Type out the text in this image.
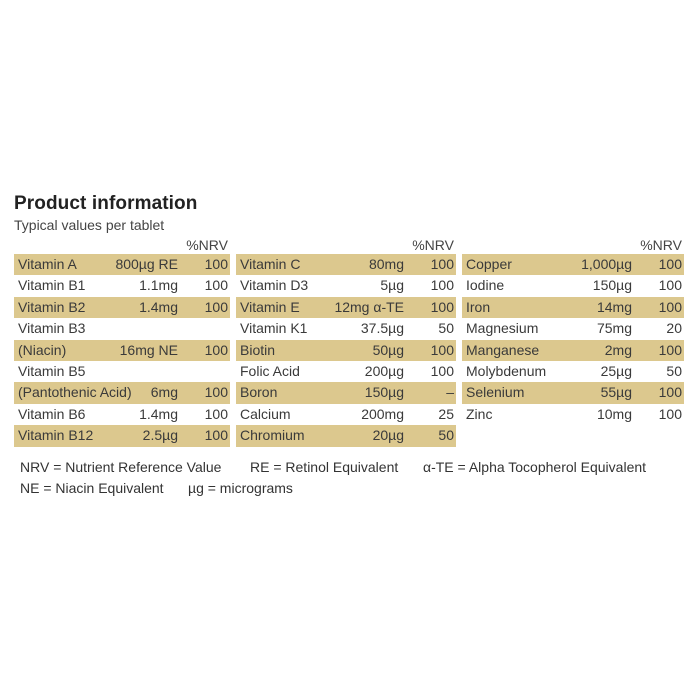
Product information
Typical values per tablet
%NRV
Vitamin A	800µg RE 100
Vitamin B1	1.1mg 100
Vitamin B2	1.4mg 100
Vitamin B3
(Niacin)	16mg NE 100
Vitamin B5
(Pantothenic Acid) 6mg 100
Vitamin B6	1.4mg 100
Vitamin B12	2.5µg 100
%NRV
Vitamin C	80mg 100
Vitamin D3	5µg 100
Vitamin E 12mg α-TE 100
Vitamin K1	37.5µg 50
Biotin	50µg 100
Folic Acid	200µg 100
Boron	150µg	–
Calcium	200mg 25
Chromium	20µg 50
%NRV
Copper	1,000µg 100
Iodine	150µg 100
Iron	14mg 100
Magnesium	75mg 20
Manganese	2mg 100
Molybdenum	25µg 50
Selenium	55µg 100
Zinc	10mg 100
NRV = Nutrient Reference Value RE = Retinol Equivalent α-TE = Alpha Tocopherol Equivalent
NE = Niacin Equivalent µg = micrograms
